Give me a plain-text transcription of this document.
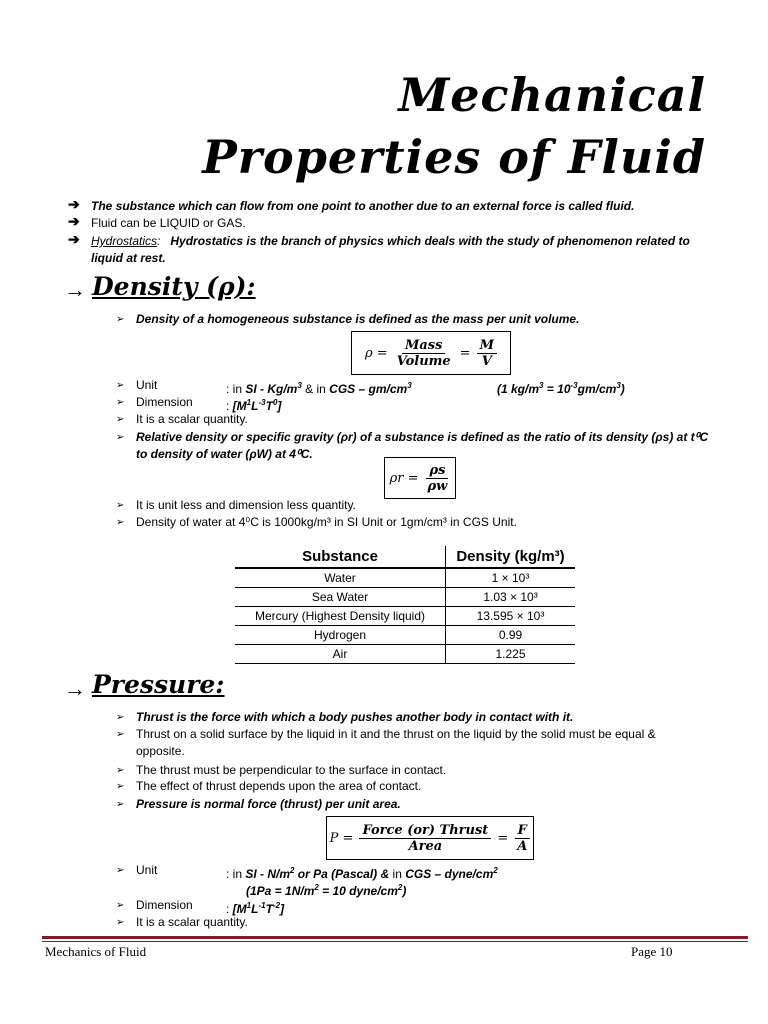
Mechanical
Properties of Fluid
➔ The substance which can flow from one point to another due to an external force is called fluid.
➔ Fluid can be LIQUID or GAS.
➔ Hydrostatics: Hydrostatics is the branch of physics which deals with the study of phenomenon related to
liquid at rest.
→ Density (ρ):
➢ Density of a homogeneous substance is defined as the mass per unit volume.
$\rho = \frac{\text{Mass}}{\text{Volume}} = \frac{M}{V}$
➢ Unit	: in SI - $Kg/m^3$ & in CGS – $gm/cm^3$	(1 $kg/m^3 = 10^{-3}gm/cm^3$)
➢ Dimension	: $[M^1L^{-3}T^0]$
➢ It is a scalar quantity.
➢ Relative density or specific gravity (ρr) of a substance is defined as the ratio of its density (ρs) at t⁰C
to density of water (ρW) at 4⁰C.
$\rho r = \frac{\rho s}{\rho w}$
➢ It is unit less and dimension less quantity.
➢ Density of water at 4⁰C is 1000kg/m³ in SI Unit or 1gm/cm³ in CGS Unit.
Substance	Density (kg/m³)
Water	1 × 10³
Sea Water	1.03 × 10³
Mercury (Highest Density liquid)	13.595 × 10³
Hydrogen	0.99
Air	1.225
→ Pressure:
➢ Thrust is the force with which a body pushes another body in contact with it.
➢ Thrust on a solid surface by the liquid in it and the thrust on the liquid by the solid must be equal &
opposite.
➢ The thrust must be perpendicular to the surface in contact.
➢ The effect of thrust depends upon the area of contact.
➢ Pressure is normal force (thrust) per unit area.
$P = \frac{\text{Force (or) Thrust}}{\text{Area}} = \frac{F}{A}$
➢ Unit	: in SI - $N/m^2$ or Pa (Pascal) & in CGS – dyne/$cm^2$
($1Pa = 1N/m^2 = 10$ dyne/$cm^2$)
➢ Dimension	: $[M^1L^{-1}T^{-2}]$
➢ It is a scalar quantity.
Mechanics of Fluid	Page 10
